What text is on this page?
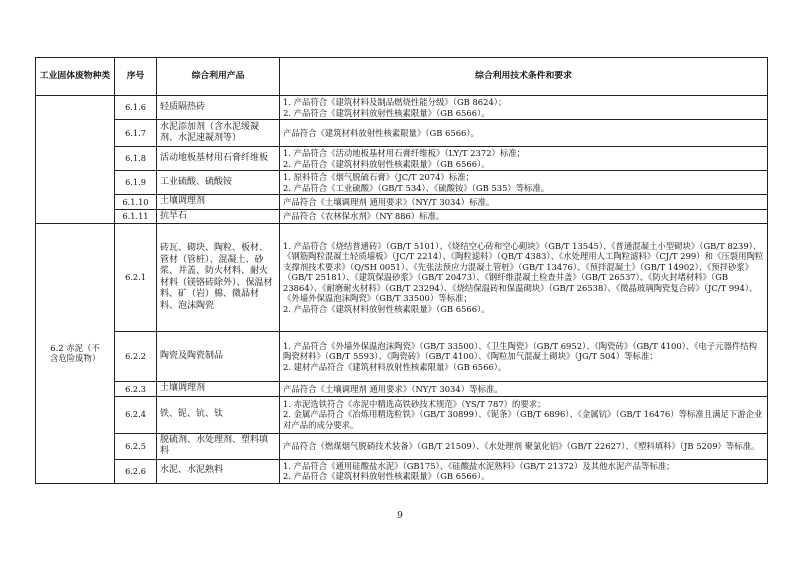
工业固体废物种类	序号	综合利用产品	综合利用技术条件和要求
	6.1.6	轻质隔热砖	1. 产品符合《建筑材料及制品燃烧性能分级》（GB 8624）；
2. 产品符合《建筑材料放射性核素限量》（GB 6566）。

	6.1.7	水泥添加剂（含水泥缓凝剂、水泥速凝剂等）	产品符合《建筑材料放射性核素限量》（GB 6566）。

	6.1.8	活动地板基材用石膏纤维板	1. 产品符合《活动地板基材用石膏纤维板》（LY/T 2372）标准；
2. 产品符合《建筑材料放射性核素限量》（GB 6566）。

	6.1.9	工业硫酸、硫酸铵	1. 原料符合《烟气脱硫石膏》（JC/T 2074）标准；
2. 产品符合《工业硫酸》（GB/T 534）、《硫酸铵》（GB 535）等标准。

	6.1.10	土壤调理剂	产品符合《土壤调理剂 通用要求》（NY/T 3034）标准。

	6.1.11	抗旱石	产品符合《农林保水剂》（NY 886）标准。

6.2 赤泥（不含危险废物）	6.2.1	砖瓦、砌块、陶粒、板材、管材（管桩）、混凝土、砂浆、井盖、防火材料、耐火材料（镁铬砖除外）、保温材料、矿（岩）棉、微晶材料、泡沫陶瓷	1. 产品符合《烧结普通砖》（GB/T 5101）、《烧结空心砖和空心砌块》（GB/T 13545）、《普通混凝土小型砌块》（GB/T 8239）、《钢筋陶粒混凝土轻质墙板》（JC/T 2214）、《陶粒滤料》（QB/T 4383）、《水处理用人工陶粒滤料》（CJ/T 299）和《压裂用陶粒支撑剂技术要求》（Q/SH 0051）、《先张法预应力混凝土管桩》（GB/T 13476）、《预拌混凝土》（GB/T 14902）、《预拌砂浆》（GB/T 25181）、《建筑保温砂浆》（GB/T 20473）、《钢纤维混凝土检查井盖》（GB/T 26537）、《防火封堵材料》（GB 23864）、《耐磨耐火材料》（GB/T 23294）、《烧结保温砖和保温砌块》（GB/T 26538）、《微晶玻璃陶瓷复合砖》（JC/T 994）、《外墙外保温泡沫陶瓷》（GB/T 33500）等标准；
2. 产品符合《建筑材料放射性核素限量》（GB 6566）。

	6.2.2	陶瓷及陶瓷制品	1. 产品符合《外墙外保温泡沫陶瓷》（GB/T 33500）、《卫生陶瓷》（GB/T 6952）、《陶瓷砖》（GB/T 4100）、《电子元器件结构陶瓷材料》（GB/T 5593）、《陶瓷砖》（GB/T 4100）、《陶粒加气混凝土砌块》（JG/T 504）等标准；
2. 建材产品符合《建筑材料放射性核素限量》（GB 6566）。

	6.2.3	土壤调理剂	产品符合《土壤调理剂 通用要求》（NY/T 3034）等标准。

	6.2.4	铁、铌、钪、钛	1. 赤泥选铁符合《赤泥中精选高铁砂技术规范》（YS/T 787）的要求；
2. 金属产品符合《冶炼用精选粒铁》（GB/T 30899）、《铌条》（GB/T 6896）、《金属钪》（GB/T 16476）等标准且满足下游企业对产品的成分要求。

	6.2.5	脱硫剂、水处理剂、塑料填料	产品符合《燃煤烟气脱硝技术装备》（GB/T 21509）、《水处理剂 聚氯化铝》（GB/T 22627）、《塑料填料》（JB 5209）等标准。

	6.2.6	水泥、水泥熟料	1. 产品符合《通用硅酸盐水泥》（GB175）、《硅酸盐水泥熟料》（GB/T 21372）及其他水泥产品等标准；
2. 产品符合《建筑材料放射性核素限量》（GB 6566）。
9
